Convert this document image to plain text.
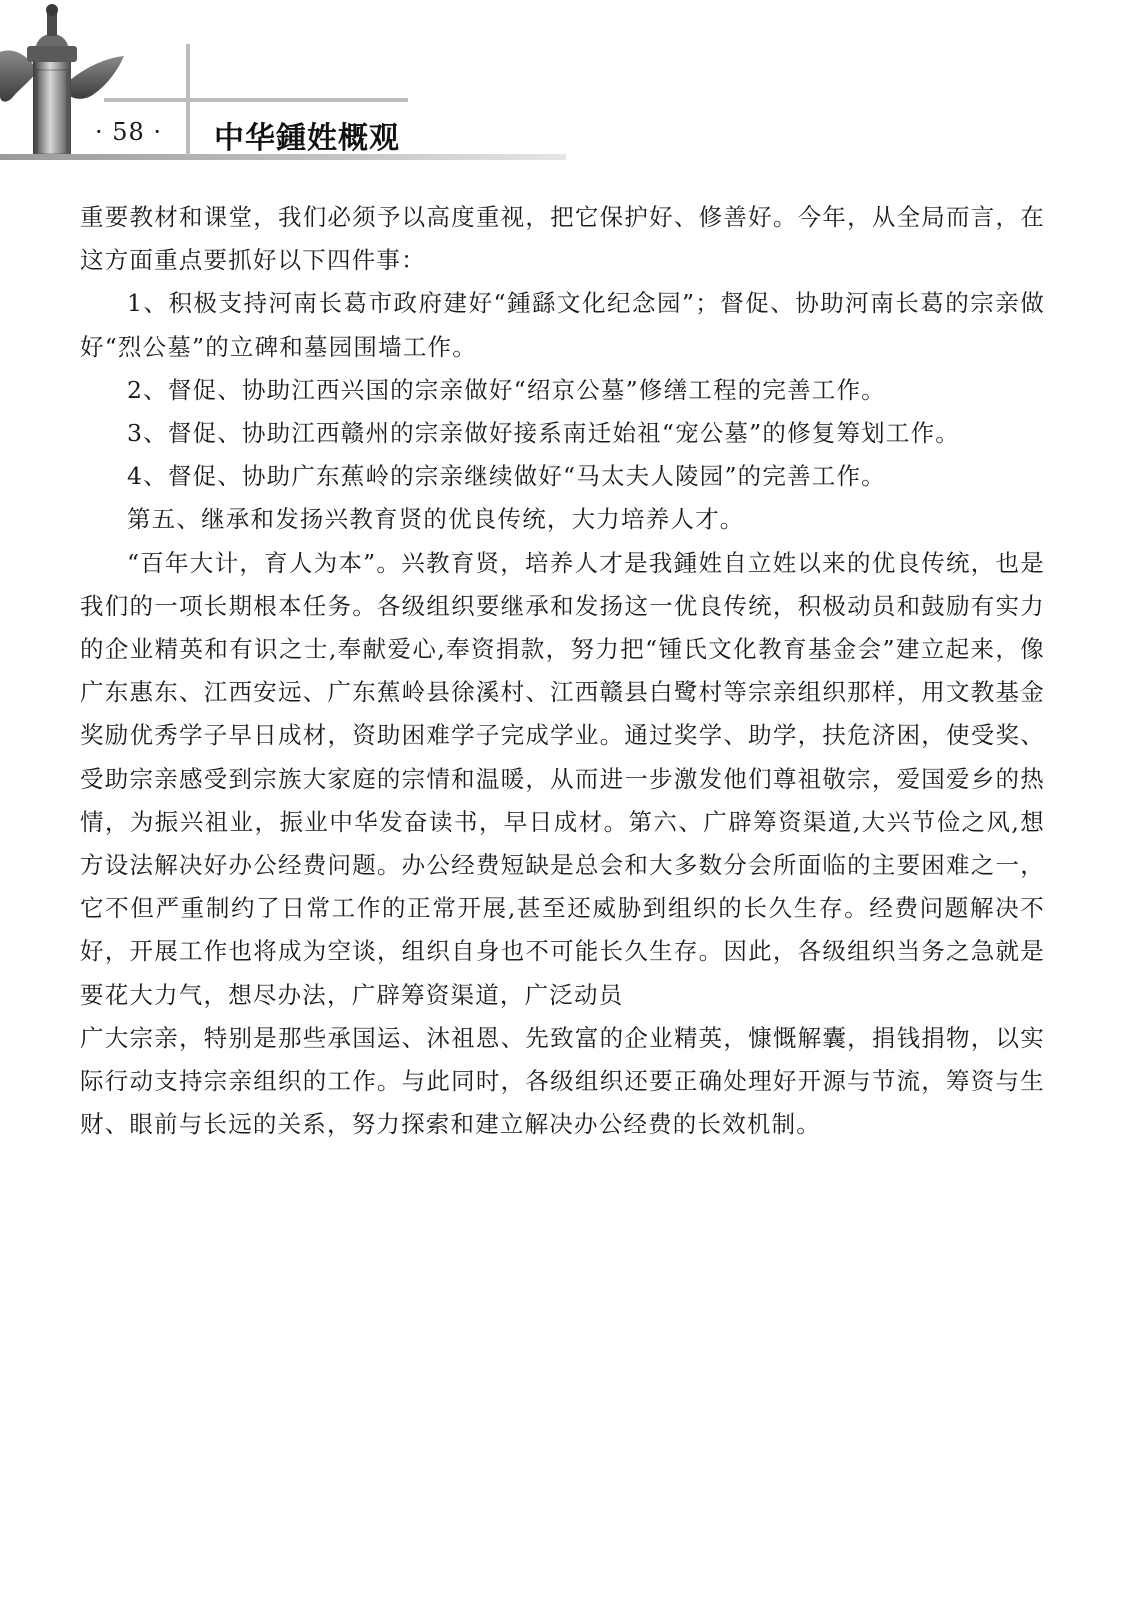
· 58 · 中华鍾姓概观

重要教材和课堂，我们必须予以高度重视，把它保护好、修善好。今年，从全局而言，在这方面重点要抓好以下四件事：

1、积极支持河南长葛市政府建好“鍾繇文化纪念园”；督促、协助河南长葛的宗亲做好“烈公墓”的立碑和墓园围墙工作。

2、督促、协助江西兴国的宗亲做好“绍京公墓”修缮工程的完善工作。

3、督促、协助江西赣州的宗亲做好接系南迁始祖“宠公墓”的修复筹划工作。

4、督促、协助广东蕉岭的宗亲继续做好“马太夫人陵园”的完善工作。

第五、继承和发扬兴教育贤的优良传统，大力培养人才。

“百年大计，育人为本”。兴教育贤，培养人才是我鍾姓自立姓以来的优良传统，也是我们的一项长期根本任务。各级组织要继承和发扬这一优良传统，积极动员和鼓励有实力的企业精英和有识之士,奉献爱心,奉资捐款，努力把“锺氏文化教育基金会”建立起来，像广东惠东、江西安远、广东蕉岭县徐溪村、江西赣县白鹭村等宗亲组织那样，用文教基金奖励优秀学子早日成材，资助困难学子完成学业。通过奖学、助学，扶危济困，使受奖、受助宗亲感受到宗族大家庭的宗情和温暖，从而进一步激发他们尊祖敬宗，爱国爱乡的热情，为振兴祖业，振业中华发奋读书，早日成材。第六、广辟筹资渠道,大兴节俭之风,想方设法解决好办公经费问题。办公经费短缺是总会和大多数分会所面临的主要困难之一，它不但严重制约了日常工作的正常开展,甚至还威胁到组织的长久生存。经费问题解决不好，开展工作也将成为空谈，组织自身也不可能长久生存。因此，各级组织当务之急就是要花大力气，想尽办法，广辟筹资渠道，广泛动员

广大宗亲，特别是那些承国运、沐祖恩、先致富的企业精英，慷慨解囊，捐钱捐物，以实际行动支持宗亲组织的工作。与此同时，各级组织还要正确处理好开源与节流，筹资与生财、眼前与长远的关系，努力探索和建立解决办公经费的长效机制。
